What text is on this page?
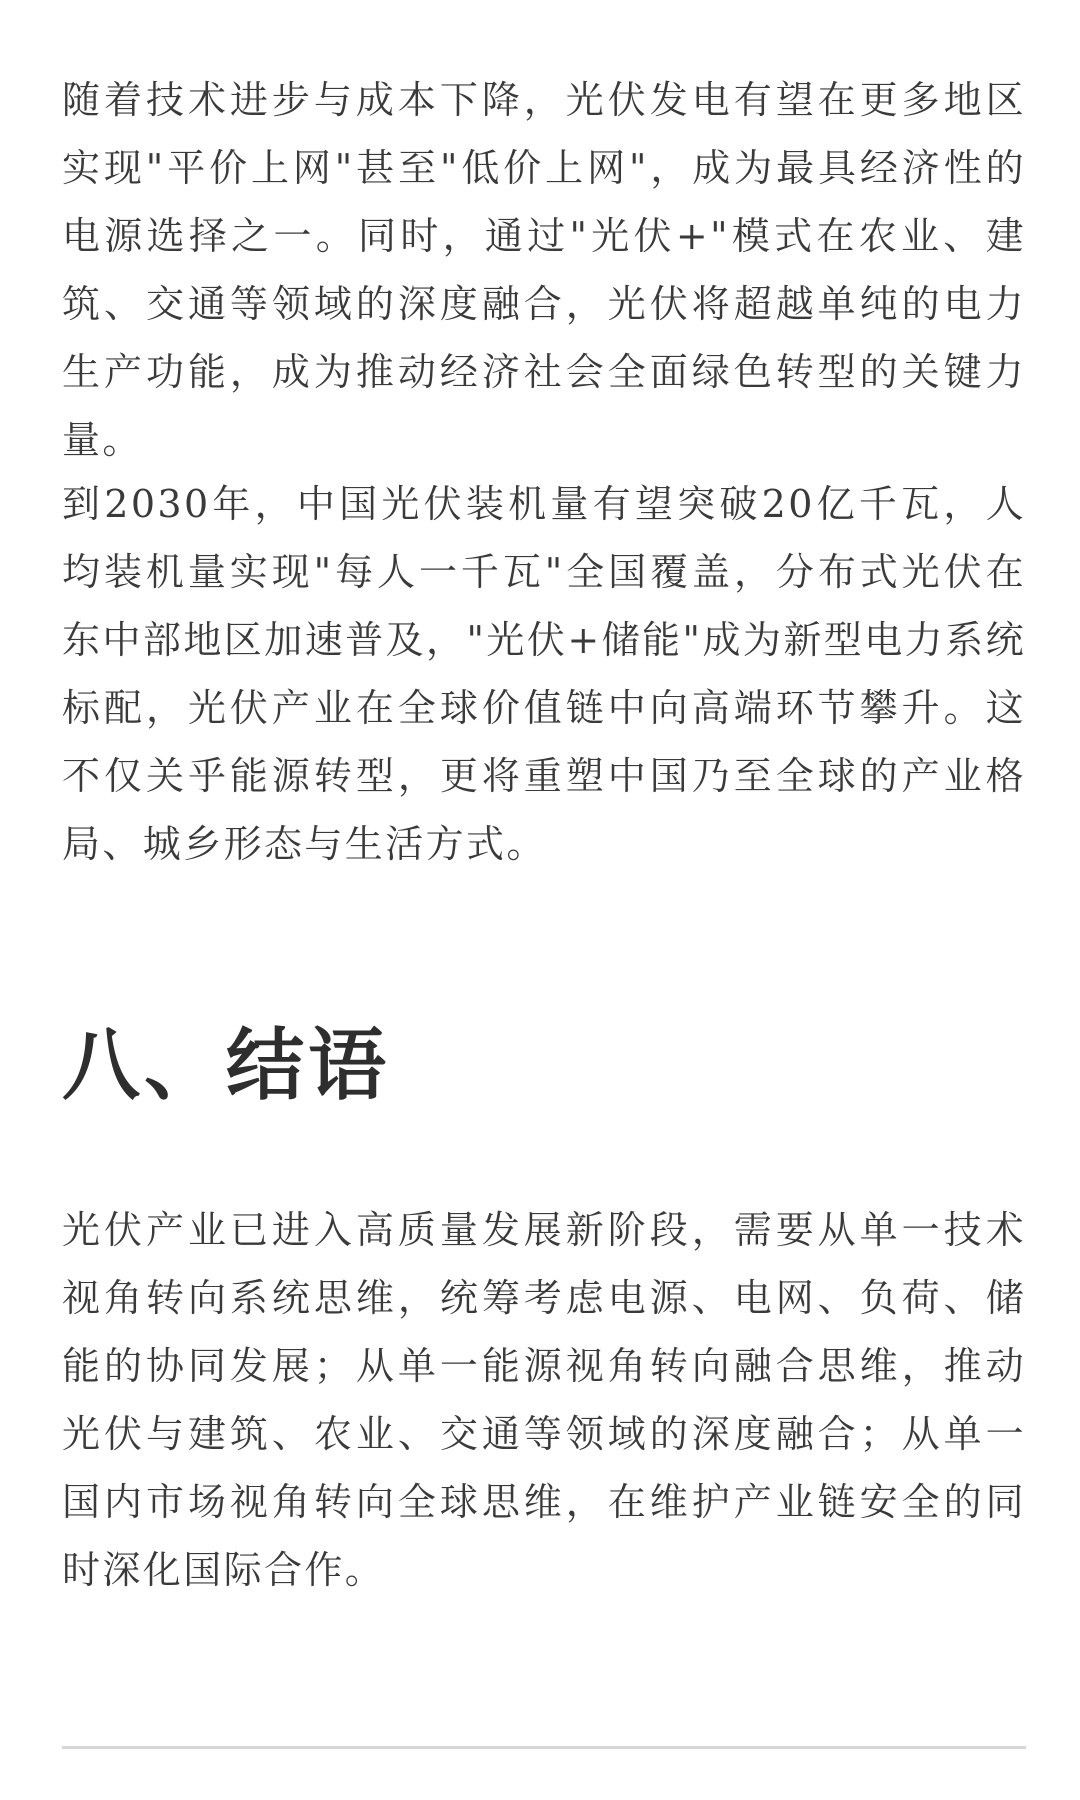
随着技术进步与成本下降，光伏发电有望在更多地区实现"平价上网"甚至"低价上网"，成为最具经济性的电源选择之一。同时，通过"光伏+"模式在农业、建筑、交通等领域的深度融合，光伏将超越单纯的电力生产功能，成为推动经济社会全面绿色转型的关键力量。

到2030年，中国光伏装机量有望突破20亿千瓦，人均装机量实现"每人一千瓦"全国覆盖，分布式光伏在东中部地区加速普及，"光伏+储能"成为新型电力系统标配，光伏产业在全球价值链中向高端环节攀升。这不仅关乎能源转型，更将重塑中国乃至全球的产业格局、城乡形态与生活方式。

八、结语

光伏产业已进入高质量发展新阶段，需要从单一技术视角转向系统思维，统筹考虑电源、电网、负荷、储能的协同发展；从单一能源视角转向融合思维，推动光伏与建筑、农业、交通等领域的深度融合；从单一国内市场视角转向全球思维，在维护产业链安全的同时深化国际合作。
